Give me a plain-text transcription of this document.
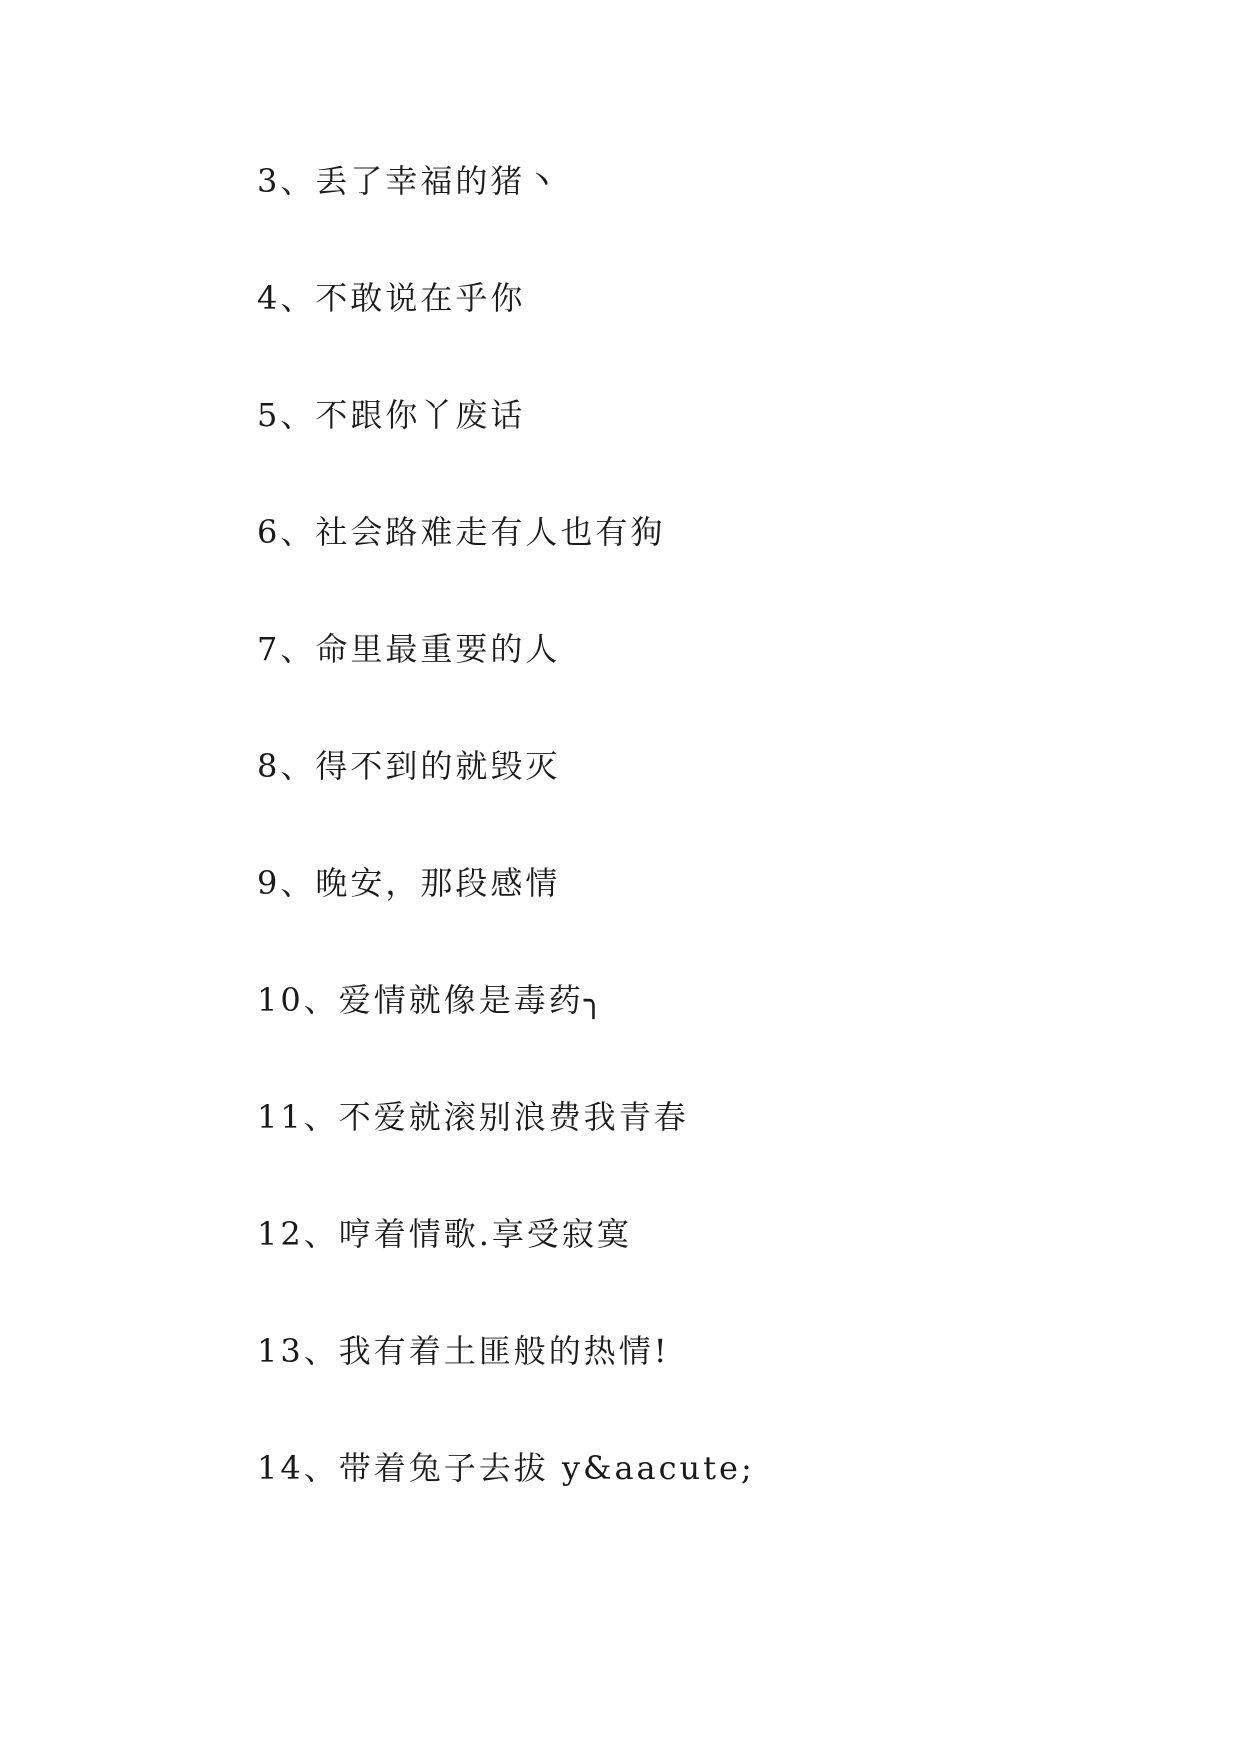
3、丢了幸福的猪丶
4、不敢说在乎你
5、不跟你丫废话
6、社会路难走有人也有狗
7、命里最重要的人
8、得不到的就毁灭
9、晚安，那段感情
10、爱情就像是毒药╮
11、不爱就滚别浪费我青春
12、哼着情歌.享受寂寞
13、我有着土匪般的热情!
14、带着兔子去拔 y&aacute;
